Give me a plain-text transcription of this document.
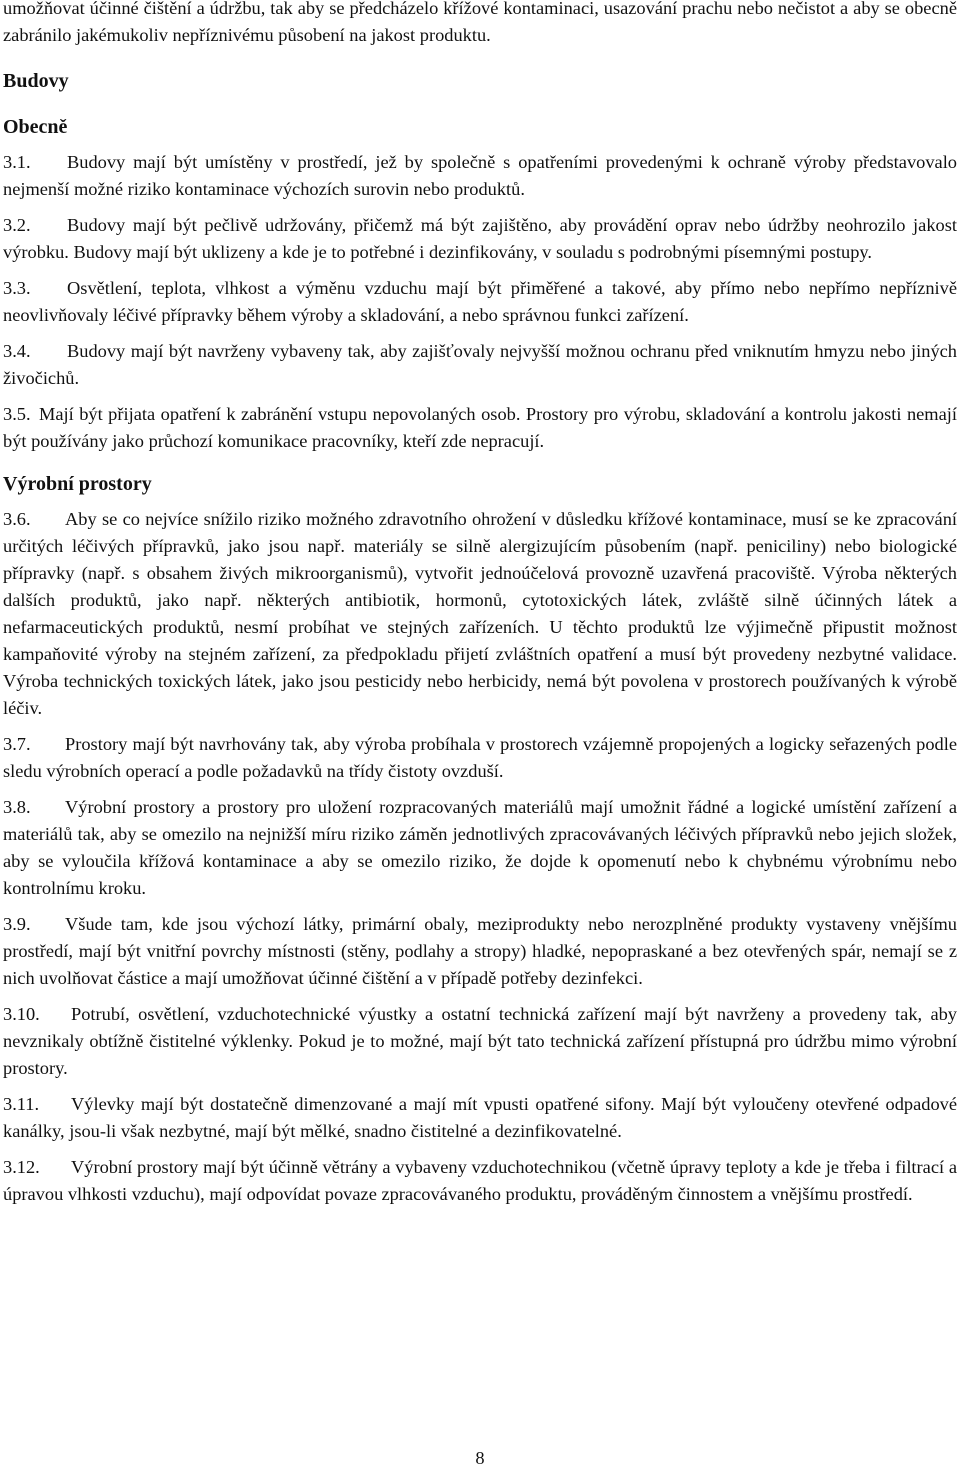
umožňovat účinné čištění a údržbu, tak aby se předcházelo křížové kontaminaci, usazování prachu nebo nečistot a aby se obecně zabránilo jakémukoliv nepříznivému působení na jakost produktu.

Budovy
Obecně

3.1. Budovy mají být umístěny v prostředí, jež by společně s opatřeními provedenými k ochraně výroby představovalo nejmenší možné riziko kontaminace výchozích surovin nebo produktů.

3.2. Budovy mají být pečlivě udržovány, přičemž má být zajištěno, aby provádění oprav nebo údržby neohrozilo jakost výrobku. Budovy mají být uklizeny a kde je to potřebné i dezinfikovány, v souladu s podrobnými písemnými postupy.

3.3. Osvětlení, teplota, vlhkost a výměnu vzduchu mají být přiměřené a takové, aby přímo nebo nepřímo nepříznivě neovlivňovaly léčivé přípravky během výroby a skladování, a nebo správnou funkci zařízení.

3.4. Budovy mají být navrženy vybaveny tak, aby zajišťovaly nejvyšší možnou ochranu před vniknutím hmyzu nebo jiných živočichů.

3.5. Mají být přijata opatření k zabránění vstupu nepovolaných osob. Prostory pro výrobu, skladování a kontrolu jakosti nemají být používány jako průchozí komunikace pracovníky, kteří zde nepracují.

Výrobní prostory

3.6. Aby se co nejvíce snížilo riziko možného zdravotního ohrožení v důsledku křížové kontaminace, musí se ke zpracování určitých léčivých přípravků, jako jsou např. materiály se silně alergizujícím působením (např. peniciliny) nebo biologické přípravky (např. s obsahem živých mikroorganismů), vytvořit jednoúčelová provozně uzavřená pracoviště. Výroba některých dalších produktů, jako např. některých antibiotik, hormonů, cytotoxických látek, zvláště silně účinných látek a nefarmaceutických produktů, nesmí probíhat ve stejných zařízeních. U těchto produktů lze výjimečně připustit možnost kampaňovité výroby na stejném zařízení, za předpokladu přijetí zvláštních opatření a musí být provedeny nezbytné validace. Výroba technických toxických látek, jako jsou pesticidy nebo herbicidy, nemá být povolena v prostorech používaných k výrobě léčiv.

3.7. Prostory mají být navrhovány tak, aby výroba probíhala v prostorech vzájemně propojených a logicky seřazených podle sledu výrobních operací a podle požadavků na třídy čistoty ovzduší.

3.8. Výrobní prostory a prostory pro uložení rozpracovaných materiálů mají umožnit řádné a logické umístění zařízení a materiálů tak, aby se omezilo na nejnižší míru riziko záměn jednotlivých zpracovávaných léčivých přípravků nebo jejich složek, aby se vyloučila křížová kontaminace a aby se omezilo riziko, že dojde k opomenutí nebo k chybnému výrobnímu nebo kontrolnímu kroku.

3.9. Všude tam, kde jsou výchozí látky, primární obaly, meziprodukty nebo nerozplněné produkty vystaveny vnějšímu prostředí, mají být vnitřní povrchy místnosti (stěny, podlahy a stropy) hladké, nepopraskané a bez otevřených spár, nemají se z nich uvolňovat částice a mají umožňovat účinné čištění a v případě potřeby dezinfekci.

3.10. Potrubí, osvětlení, vzduchotechnické výustky a ostatní technická zařízení mají být navrženy a provedeny tak, aby nevznikaly obtížně čistitelné výklenky. Pokud je to možné, mají být tato technická zařízení přístupná pro údržbu mimo výrobní prostory.

3.11. Výlevky mají být dostatečně dimenzované a mají mít vpusti opatřené sifony. Mají být vyloučeny otevřené odpadové kanálky, jsou-li však nezbytné, mají být mělké, snadno čistitelné a dezinfikovatelné.

3.12. Výrobní prostory mají být účinně větrány a vybaveny vzduchotechnikou (včetně úpravy teploty a kde je třeba i filtrací a úpravou vlhkosti vzduchu), mají odpovídat povaze zpracovávaného produktu, prováděným činnostem a vnějšímu prostředí.

8
